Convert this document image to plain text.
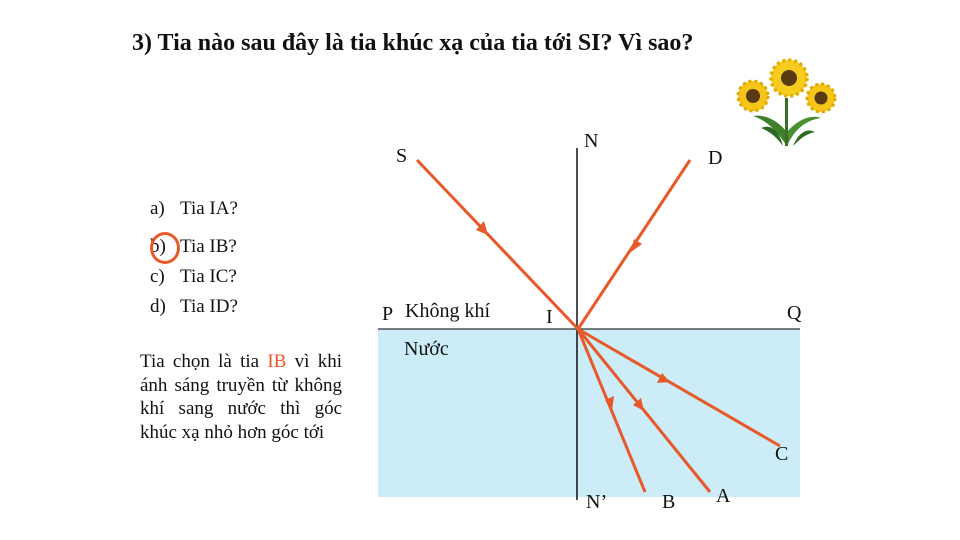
3) Tia nào sau đây là tia khúc xạ của tia tới SI? Vì sao?
a) Tia IA?
b) Tia IB?
c) Tia IC?
d) Tia ID?
Tia chọn là tia IB vì khi ánh sáng truyền từ không khí sang nước thì góc khúc xạ nhỏ hơn góc tới
S
N
D
P Không khí	I	Q
Nước
C
N’	B A
